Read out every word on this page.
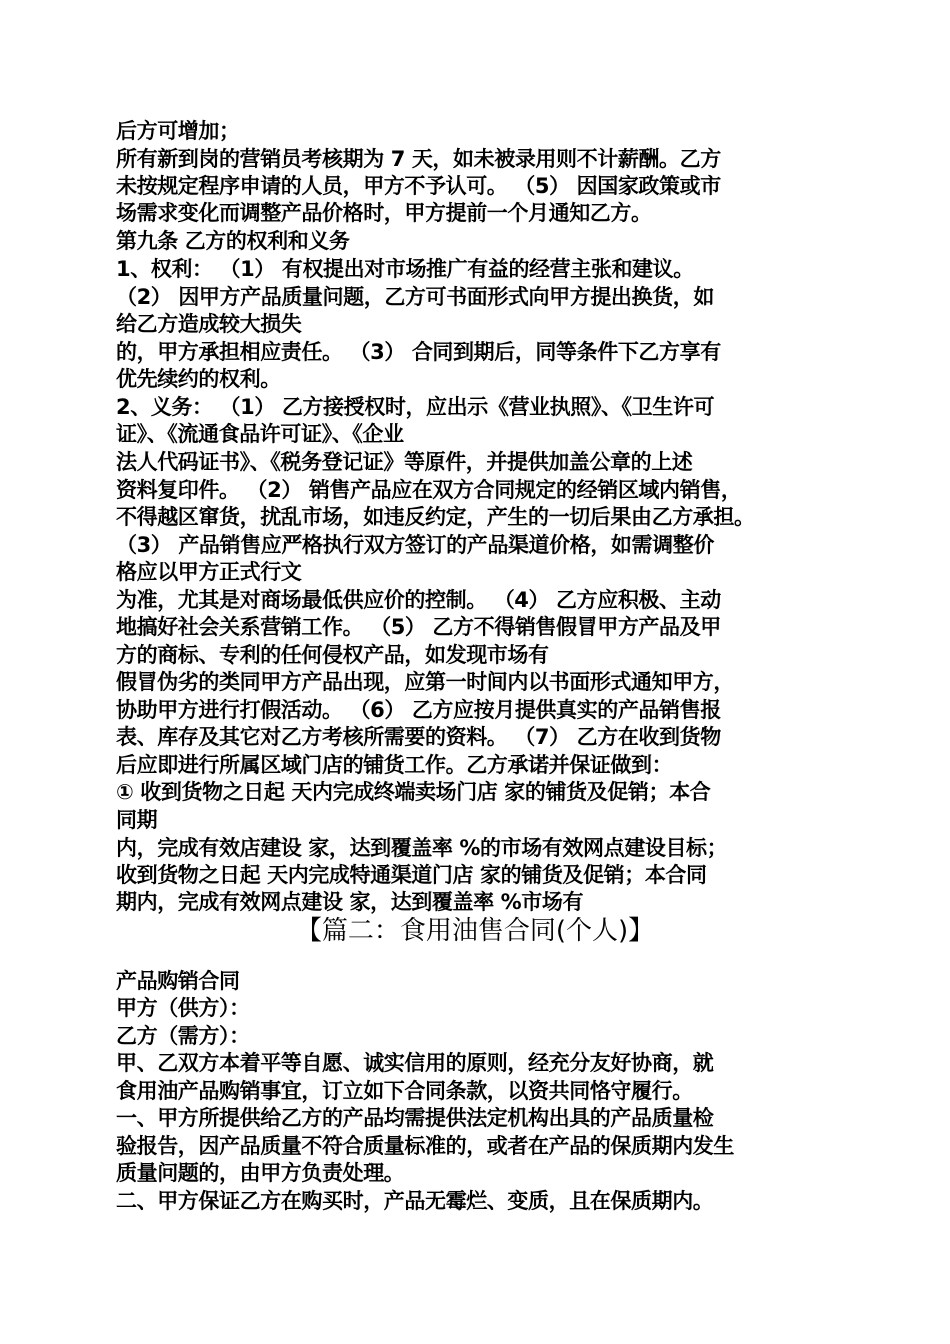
后方可增加；
所有新到岗的营销员考核期为 7 天，如未被录用则不计薪酬。乙方
未按规定程序申请的人员，甲方不予认可。 （5） 因国家政策或市
场需求变化而调整产品价格时，甲方提前一个月通知乙方。
第九条 乙方的权利和义务
1、权利： （1） 有权提出对市场推广有益的经营主张和建议。
（2） 因甲方产品质量问题，乙方可书面形式向甲方提出换货，如
给乙方造成较大损失
的，甲方承担相应责任。 （3） 合同到期后，同等条件下乙方享有
优先续约的权利。
2、义务： （1） 乙方接授权时，应出示《营业执照》、《卫生许可
证》、《流通食品许可证》、《企业
法人代码证书》、《税务登记证》等原件，并提供加盖公章的上述
资料复印件。 （2） 销售产品应在双方合同规定的经销区域内销售，
不得越区窜货，扰乱市场，如违反约定，产生的一切后果由乙方承担。
（3） 产品销售应严格执行双方签订的产品渠道价格，如需调整价
格应以甲方正式行文
为准，尤其是对商场最低供应价的控制。 （4） 乙方应积极、主动
地搞好社会关系营销工作。 （5） 乙方不得销售假冒甲方产品及甲
方的商标、专利的任何侵权产品，如发现市场有
假冒伪劣的类同甲方产品出现，应第一时间内以书面形式通知甲方，
协助甲方进行打假活动。 （6） 乙方应按月提供真实的产品销售报
表、库存及其它对乙方考核所需要的资料。 （7） 乙方在收到货物
后应即进行所属区域门店的铺货工作。乙方承诺并保证做到：
① 收到货物之日起 天内完成终端卖场门店 家的铺货及促销；本合
同期
内，完成有效店建设 家，达到覆盖率 %的市场有效网点建设目标；
收到货物之日起 天内完成特通渠道门店 家的铺货及促销；本合同
期内，完成有效网点建设 家，达到覆盖率 %市场有
【篇二：食用油售合同(个人)】
产品购销合同
甲方（供方）：
乙方（需方）：
甲、乙双方本着平等自愿、诚实信用的原则，经充分友好协商，就
食用油产品购销事宜，订立如下合同条款，以资共同恪守履行。
一、甲方所提供给乙方的产品均需提供法定机构出具的产品质量检
验报告，因产品质量不符合质量标准的，或者在产品的保质期内发生
质量问题的，由甲方负责处理。
二、甲方保证乙方在购买时，产品无霉烂、变质，且在保质期内。
